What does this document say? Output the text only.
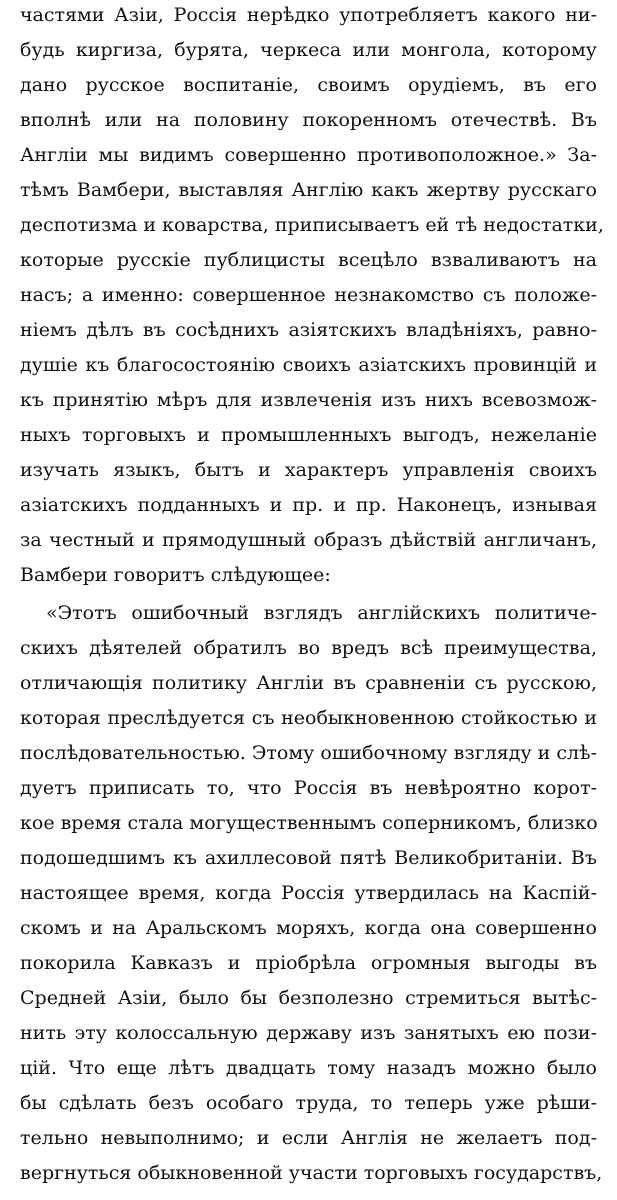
частями Азіи, Россія нерѣдко употребляетъ какого ни-
будь киргиза, бурята, черкеса или монгола, которому
дано русское воспитаніе, своимъ орудіемъ, въ его
вполнѣ или на половину покоренномъ отечествѣ. Въ
Англіи мы видимъ совершенно противоположное.» За-
тѣмъ Вамбери, выставляя Англію какъ жертву русскаго
деспотизма и коварства, приписываетъ ей тѣ недостатки,
которые русскіе публицисты всецѣло взваливаютъ на
насъ; а именно: совершенное незнакомство съ положе-
ніемъ дѣлъ въ сосѣднихъ азіятскихъ владѣніяхъ, равно-
душіе къ благосостоянію своихъ азіатскихъ провинцій и
къ принятію мѣръ для извлеченія изъ нихъ всевозмож-
ныхъ торговыхъ и промышленныхъ выгодъ, нежеланіе
изучать языкъ, бытъ и характеръ управленія своихъ
азіатскихъ подданныхъ и пр. и пр. Наконецъ, изнывая
за честный и прямодушный образъ дѣйствій англичанъ,
Вамбери говоритъ слѣдующее:
«Этотъ ошибочный взглядъ англійскихъ политиче-
скихъ дѣятелей обратилъ во вредъ всѣ преимущества,
отличающія политику Англіи въ сравненіи съ русскою,
которая преслѣдуется съ необыкновенною стойкостью и
послѣдовательностью. Этому ошибочному взгляду и слѣ-
дуетъ приписать то, что Россія въ невѣроятно корот-
кое время стала могущественнымъ соперникомъ, близко
подошедшимъ къ ахиллесовой пятѣ Великобританіи. Въ
настоящее время, когда Россія утвердилась на Каспій-
скомъ и на Аральскомъ моряхъ, когда она совершенно
покорила Кавказъ и пріобрѣла огромныя выгоды въ
Средней Азіи, было бы безполезно стремиться вытѣс-
нить эту колоссальную державу изъ занятыхъ ею пози-
цій. Что еще лѣтъ двадцать тому назадъ можно было
бы сдѣлать безъ особаго труда, то теперь уже рѣши-
тельно невыполнимо; и если Англія не желаетъ под-
вергнуться обыкновенной участи торговыхъ государствъ,
